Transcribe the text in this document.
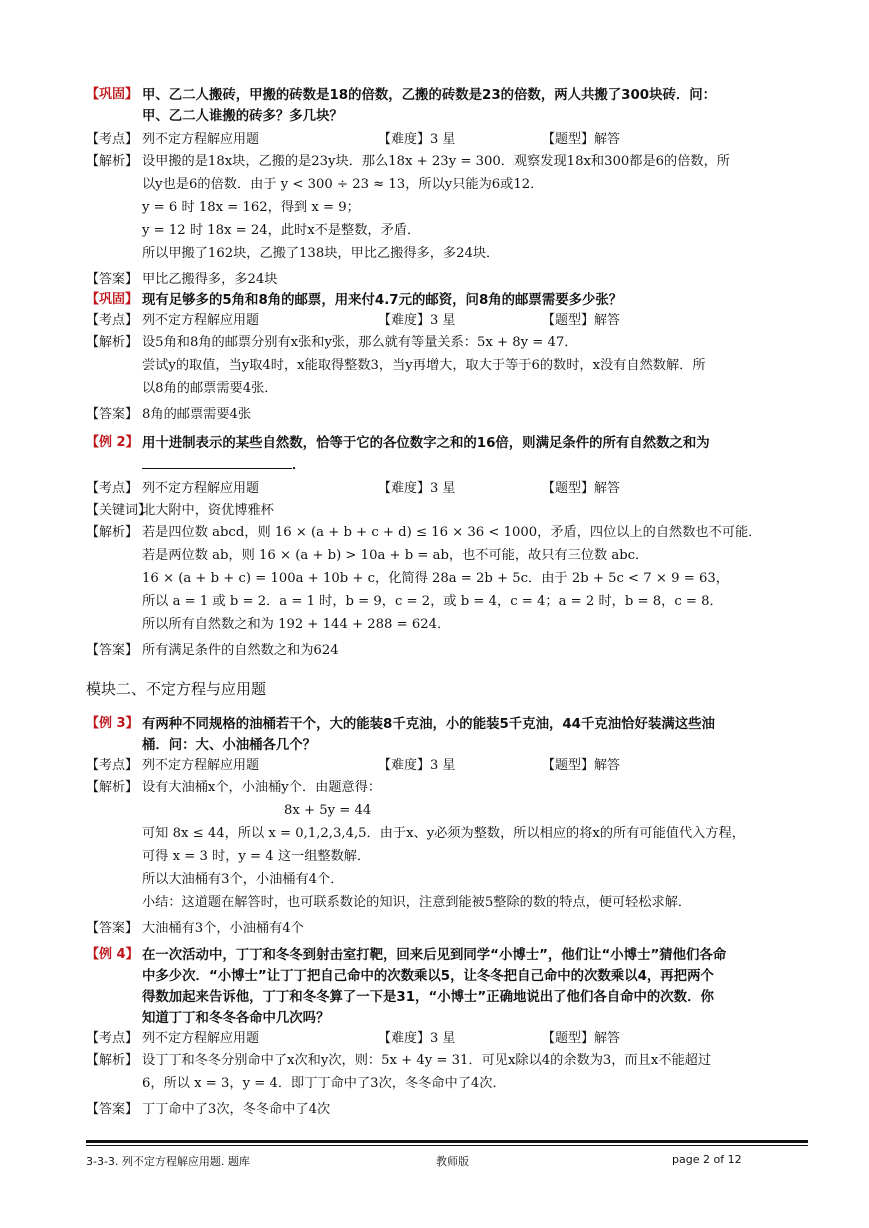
【巩固】 甲、乙二人搬砖，甲搬的砖数是18的倍数，乙搬的砖数是23的倍数，两人共搬了300块砖．问：
甲、乙二人谁搬的砖多？多几块？
【考点】 列不定方程解应用题	【难度】3 星	【题型】解答
【解析】 设甲搬的是18x块，乙搬的是23y块．那么18x + 23y = 300．观察发现18x和300都是6的倍数，所
以y也是6的倍数．由于 y < 300 ÷ 23 ≈ 13，所以y只能为6或12．
y = 6 时 18x = 162，得到 x = 9；
y = 12 时 18x = 24，此时x不是整数，矛盾．
所以甲搬了162块，乙搬了138块，甲比乙搬得多，多24块．
【答案】 甲比乙搬得多，多24块
【巩固】 现有足够多的5角和8角的邮票，用来付4.7元的邮资，问8角的邮票需要多少张？
【考点】 列不定方程解应用题	【难度】3 星	【题型】解答
【解析】 设5角和8角的邮票分别有x张和y张，那么就有等量关系：5x + 8y = 47．
尝试y的取值，当y取4时，x能取得整数3，当y再增大，取大于等于6的数时，x没有自然数解．所
以8角的邮票需要4张．
【答案】 8角的邮票需要4张
【例 2】 用十进制表示的某些自然数，恰等于它的各位数字之和的16倍，则满足条件的所有自然数之和为
．
【考点】 列不定方程解应用题	【难度】3 星	【题型】解答
【关键词】
北大附中，资优博雅杯
【解析】 若是四位数 abcd，则 16 × (a + b + c + d) ≤ 16 × 36 < 1000，矛盾，四位以上的自然数也不可能．
若是两位数 ab，则 16 × (a + b) > 10a + b = ab，也不可能，故只有三位数 abc．
16 × (a + b + c) = 100a + 10b + c，化简得 28a = 2b + 5c．由于 2b + 5c < 7 × 9 = 63，
所以 a = 1 或 b = 2．a = 1 时，b = 9，c = 2，或 b = 4，c = 4；a = 2 时，b = 8，c = 8．
所以所有自然数之和为 192 + 144 + 288 = 624．
【答案】 所有满足条件的自然数之和为624
模块二、不定方程与应用题
【例 3】 有两种不同规格的油桶若干个，大的能装8千克油，小的能装5千克油，44千克油恰好装满这些油
桶．问：大、小油桶各几个？
【考点】 列不定方程解应用题	【难度】3 星	【题型】解答
【解析】 设有大油桶x个，小油桶y个．由题意得：
8x + 5y = 44
可知 8x ≤ 44，所以 x = 0,1,2,3,4,5．由于x、y必须为整数，所以相应的将x的所有可能值代入方程，
可得 x = 3 时，y = 4 这一组整数解．
所以大油桶有3个，小油桶有4个．
小结：这道题在解答时，也可联系数论的知识，注意到能被5整除的数的特点，便可轻松求解．
【答案】 大油桶有3个，小油桶有4个
【例 4】 在一次活动中，丁丁和冬冬到射击室打靶，回来后见到同学“小博士”，他们让“小博士”猜他们各命
中多少次．“小博士”让丁丁把自己命中的次数乘以5，让冬冬把自己命中的次数乘以4，再把两个
得数加起来告诉他，丁丁和冬冬算了一下是31，“小博士”正确地说出了他们各自命中的次数．你
知道丁丁和冬冬各命中几次吗？
【考点】 列不定方程解应用题	【难度】3 星	【题型】解答
【解析】 设丁丁和冬冬分别命中了x次和y次，则：5x + 4y = 31．可见x除以4的余数为3，而且x不能超过
6，所以 x = 3，y = 4．即丁丁命中了3次，冬冬命中了4次．
【答案】 丁丁命中了3次，冬冬命中了4次
3-3-3. 列不定方程解应用题. 题库	教师版	page 2 of 12
